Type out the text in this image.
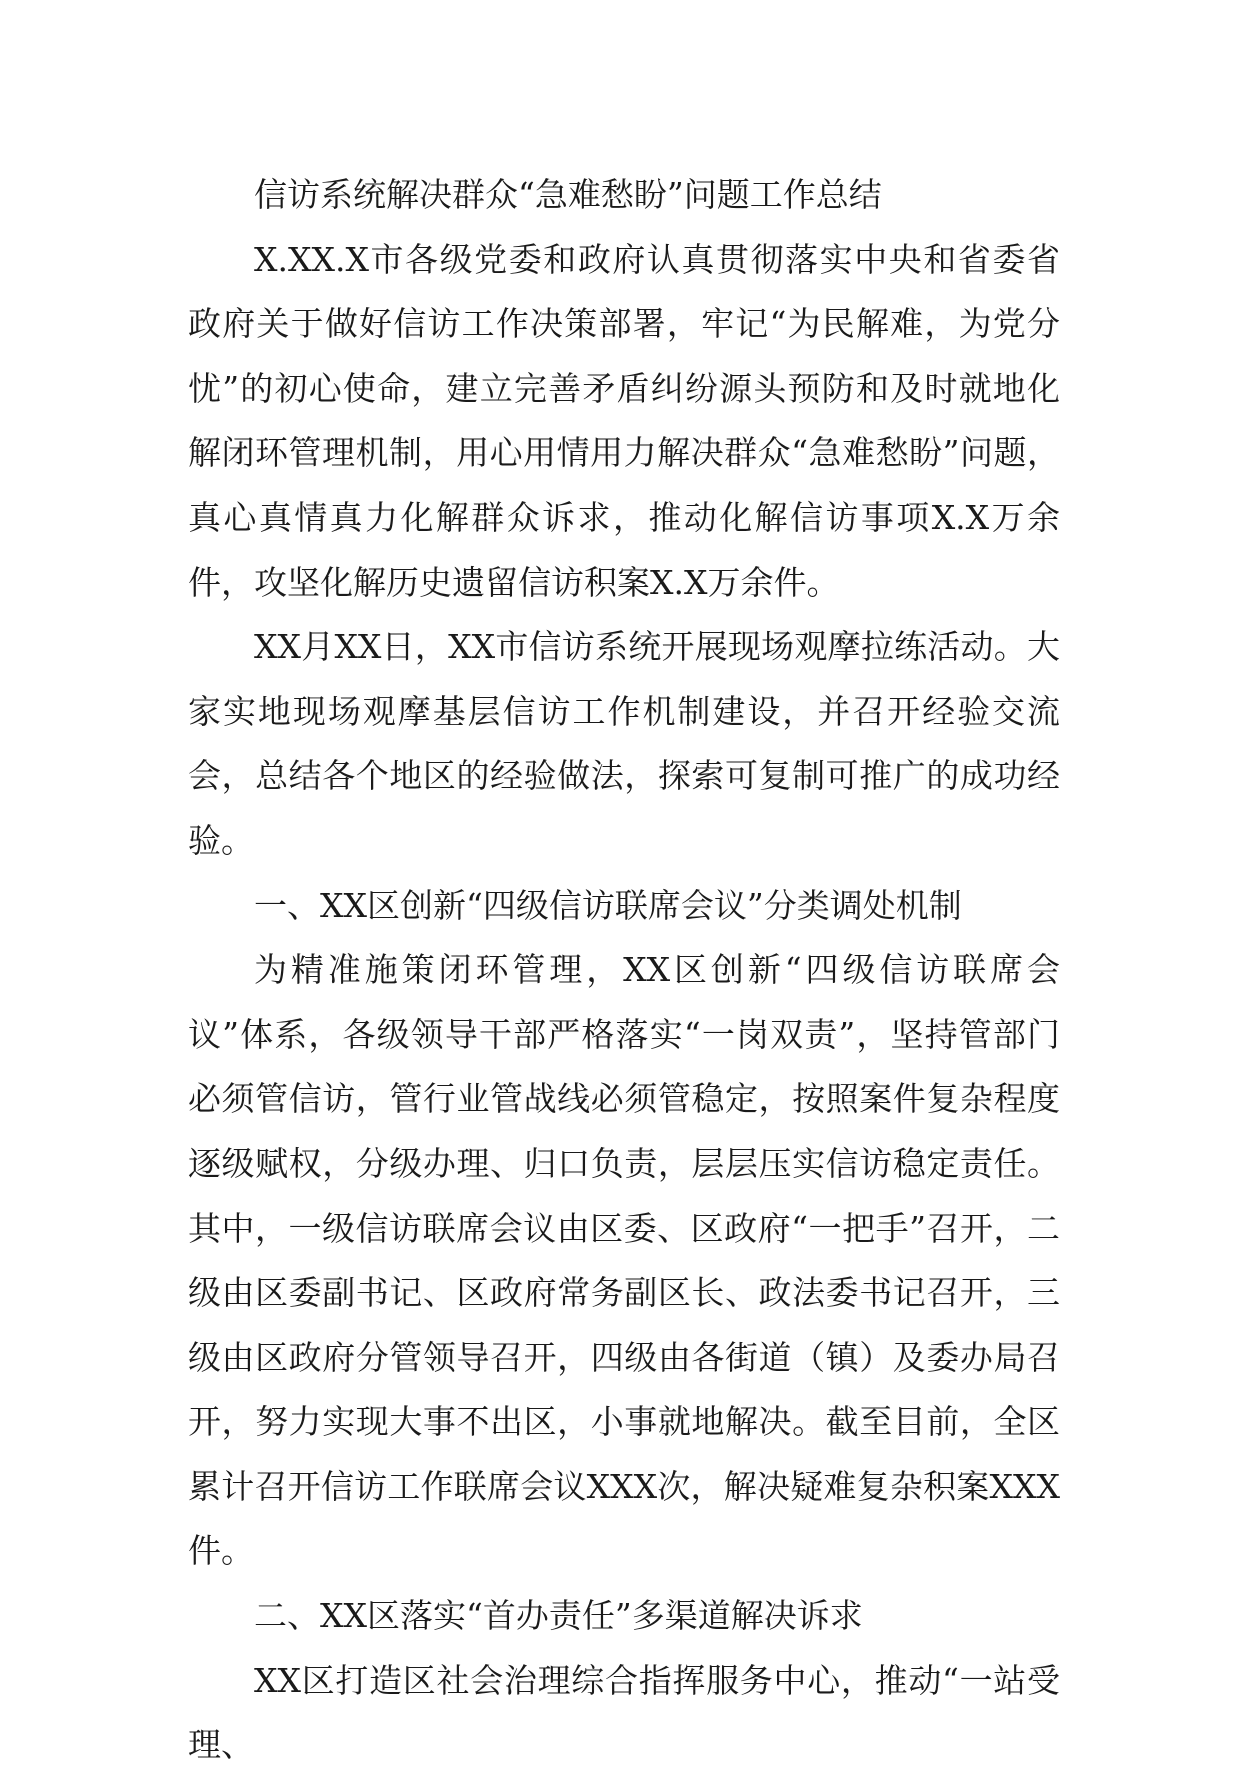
信访系统解决群众“急难愁盼”问题工作总结

X.XX.X市各级党委和政府认真贯彻落实中央和省委省政府关于做好信访工作决策部署，牢记“为民解难，为党分忧”的初心使命，建立完善矛盾纠纷源头预防和及时就地化解闭环管理机制，用心用情用力解决群众“急难愁盼”问题，真心真情真力化解群众诉求，推动化解信访事项X.X万余件，攻坚化解历史遗留信访积案X.X万余件。

XX月XX日，XX市信访系统开展现场观摩拉练活动。大家实地现场观摩基层信访工作机制建设，并召开经验交流会，总结各个地区的经验做法，探索可复制可推广的成功经验。

一、XX区创新“四级信访联席会议”分类调处机制

为精准施策闭环管理，XX区创新“四级信访联席会议”体系，各级领导干部严格落实“一岗双责”，坚持管部门必须管信访，管行业管战线必须管稳定，按照案件复杂程度逐级赋权，分级办理、归口负责，层层压实信访稳定责任。其中，一级信访联席会议由区委、区政府“一把手”召开，二级由区委副书记、区政府常务副区长、政法委书记召开，三级由区政府分管领导召开，四级由各街道（镇）及委办局召开，努力实现大事不出区，小事就地解决。截至目前，全区累计召开信访工作联席会议XXX次，解决疑难复杂积案XXX件。

二、XX区落实“首办责任”多渠道解决诉求

XX区打造区社会治理综合指挥服务中心，推动“一站受理、
